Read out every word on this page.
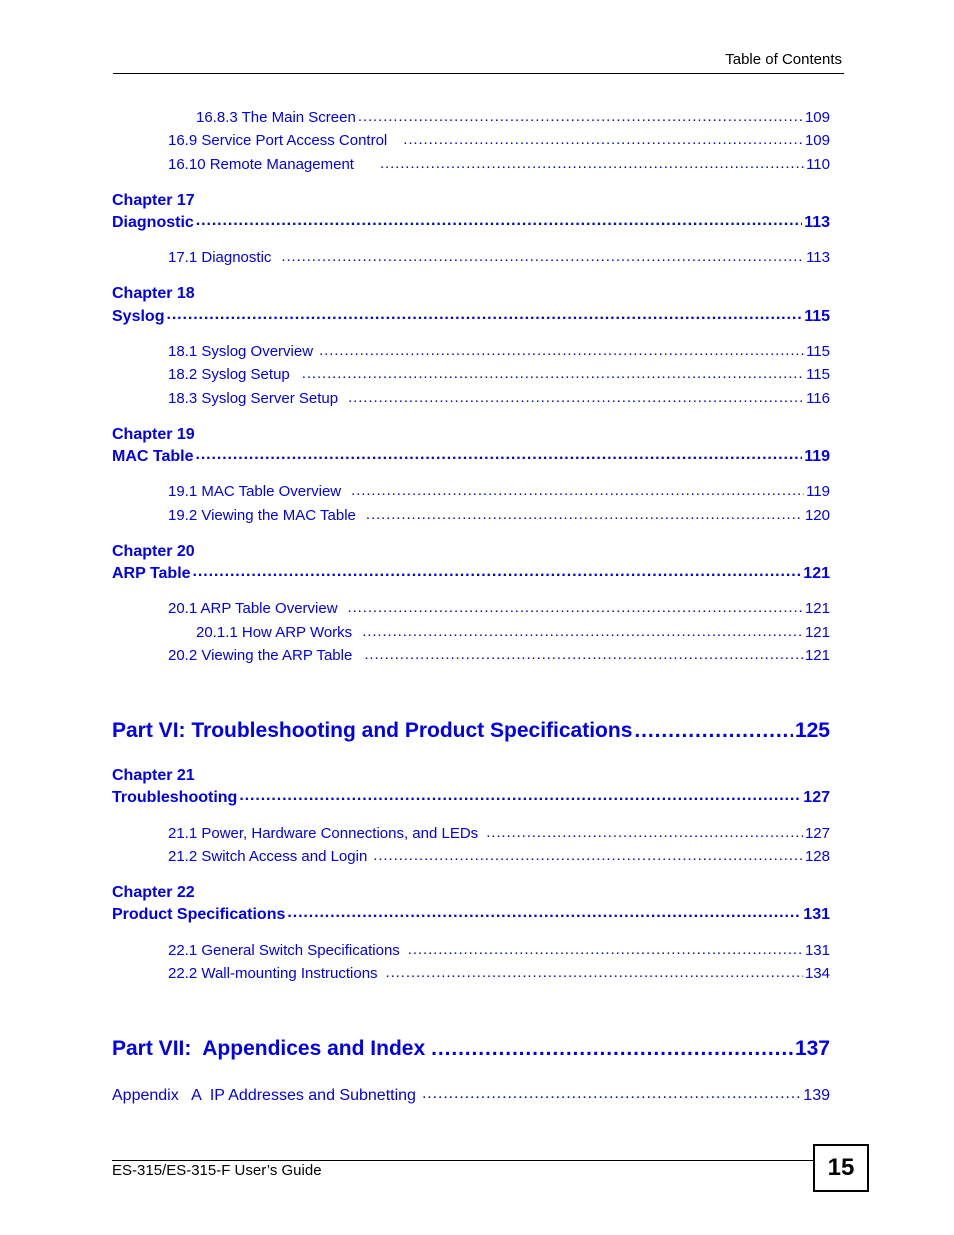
Table of Contents
16.8.3 The Main Screen .....	109
16.9 Service Port Access Control .....	109
16.10 Remote Management .....	110
Chapter 17
Diagnostic .....	113
17.1 Diagnostic .....	113
Chapter 18
Syslog .....	115
18.1 Syslog Overview .....	115
18.2 Syslog Setup .....	115
18.3 Syslog Server Setup .....	116
Chapter 19
MAC Table .....	119
19.1 MAC Table Overview .....	119
19.2 Viewing the MAC Table .....	120
Chapter 20
ARP Table .....	121
20.1 ARP Table Overview .....	121
20.1.1 How ARP Works .....	121
20.2 Viewing the ARP Table .....	121
Part VI: Troubleshooting and Product Specifications .....	125
Chapter 21
Troubleshooting .....	127
21.1 Power, Hardware Connections, and LEDs .....	127
21.2 Switch Access and Login .....	128
Chapter 22
Product Specifications .....	131
22.1 General Switch Specifications .....	131
22.2 Wall-mounting Instructions .....	134
Part VII:  Appendices and Index .....	137
Appendix   A  IP Addresses and Subnetting .....	139
ES-315/ES-315-F User’s Guide	15
